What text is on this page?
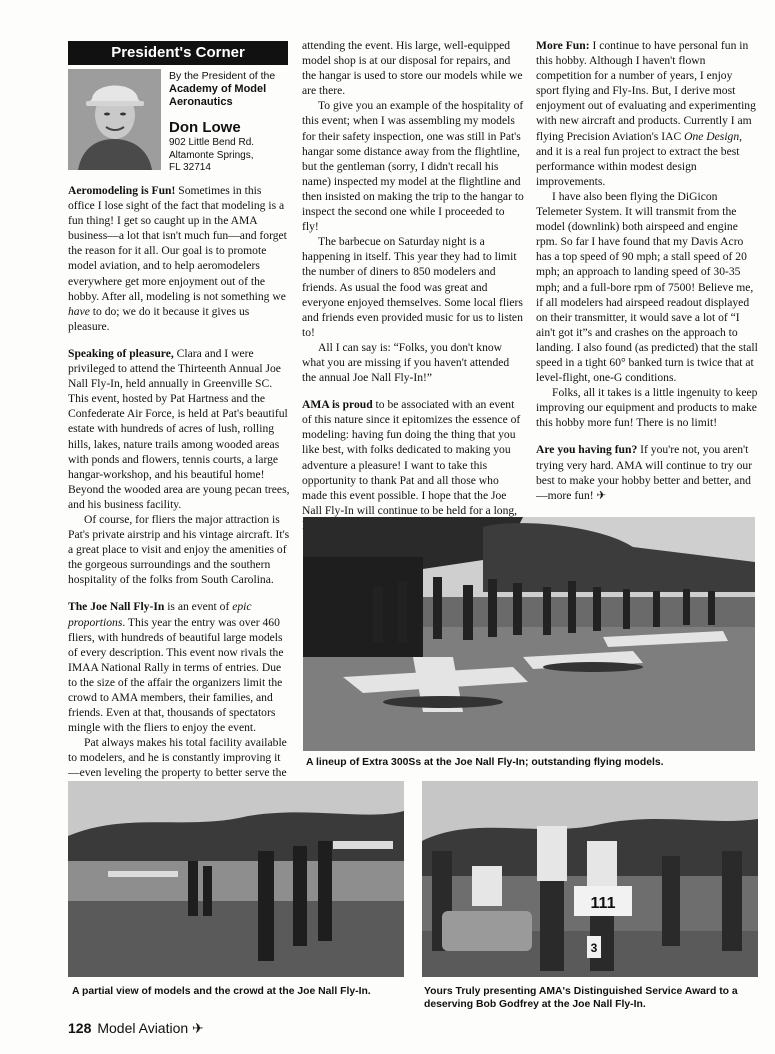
President's Corner
By the President of the
Academy of Model Aeronautics
Don Lowe
902 Little Bend Rd.
Altamonte Springs,
FL 32714

Aeromodeling is Fun! Sometimes in this office I lose sight of the fact that modeling is a fun thing! I get so caught up in the AMA business—a lot that isn't much fun—and forget the reason for it all. Our goal is to promote model aviation, and to help aeromodelers everywhere get more enjoyment out of the hobby. After all, modeling is not something we have to do; we do it because it gives us pleasure.

Speaking of pleasure, Clara and I were privileged to attend the Thirteenth Annual Joe Nall Fly-In, held annually in Greenville SC. This event, hosted by Pat Hartness and the Confederate Air Force, is held at Pat's beautiful estate with hundreds of acres of lush, rolling hills, lakes, nature trails among wooded areas with ponds and flowers, tennis courts, a large hangar-workshop, and his beautiful home! Beyond the wooded area are young pecan trees, and his business facility.

Of course, for fliers the major attraction is Pat's private airstrip and his vintage aircraft. It's a great place to visit and enjoy the amenities of the gorgeous surroundings and the southern hospitality of the folks from South Carolina.

The Joe Nall Fly-In is an event of epic proportions. This year the entry was over 460 fliers, with hundreds of beautiful large models of every description. This event now rivals the IMAA National Rally in terms of entries. Due to the size of the affair the organizers limit the crowd to AMA members, their families, and friends. Even at that, thousands of spectators mingle with the fliers to enjoy the event.

Pat always makes his total facility available to modelers, and he is constantly improving it—even leveling the property to better serve the

attending the event. His large, well-equipped model shop is at our disposal for repairs, and the hangar is used to store our models while we are there.

To give you an example of the hospitality of this event; when I was assembling my models for their safety inspection, one was still in Pat's hangar some distance away from the flightline, but the gentleman (sorry, I didn't recall his name) inspected my model at the flightline and then insisted on making the trip to the hangar to inspect the second one while I proceeded to fly!

The barbecue on Saturday night is a happening in itself. This year they had to limit the number of diners to 850 modelers and friends. As usual the food was great and everyone enjoyed themselves. Some local fliers and friends even provided music for us to listen to!

All I can say is: “Folks, you don't know what you are missing if you haven't attended the annual Joe Nall Fly-In!”

AMA is proud to be associated with an event of this nature since it epitomizes the essence of modeling: having fun doing the thing that you like best, with folks dedicated to making you adventure a pleasure! I want to take this opportunity to thank Pat and all those who made this event possible. I hope that the Joe Nall Fly-In will continue to be held for a long,

More Fun: I continue to have personal fun in this hobby. Although I haven't flown competition for a number of years, I enjoy sport flying and Fly-Ins. But, I derive most enjoyment out of evaluating and experimenting with new aircraft and products. Currently I am flying Precision Aviation's IAC One Design, and it is a real fun project to extract the best performance within modest design improvements.

I have also been flying the DiGicon Telemeter System. It will transmit from the model (downlink) both airspeed and engine rpm. So far I have found that my Davis Acro has a top speed of 90 mph; a stall speed of 20 mph; an approach to landing speed of 30-35 mph; and a full-bore rpm of 7500! Believe me, if all modelers had airspeed readout displayed on their transmitter, it would save a lot of “I ain't got it”s and crashes on the approach to landing. I also found (as predicted) that the stall speed in a tight 60° banked turn is twice that at level-flight, one-G conditions.

Folks, all it takes is a little ingenuity to keep improving our equipment and products to make this hobby more fun! There is no limit!

Are you having fun? If you're not, you aren't trying very hard. AMA will continue to try our best to make your hobby better and better, and—more fun! ✈

A lineup of Extra 300Ss at the Joe Nall Fly-In; outstanding flying models.
A partial view of models and the crowd at the Joe Nall Fly-In.
111
3
Yours Truly presenting AMA's Distinguished Service Award to a deserving Bob Godfrey at the Joe Nall Fly-In.
128 Model Aviation ✈
